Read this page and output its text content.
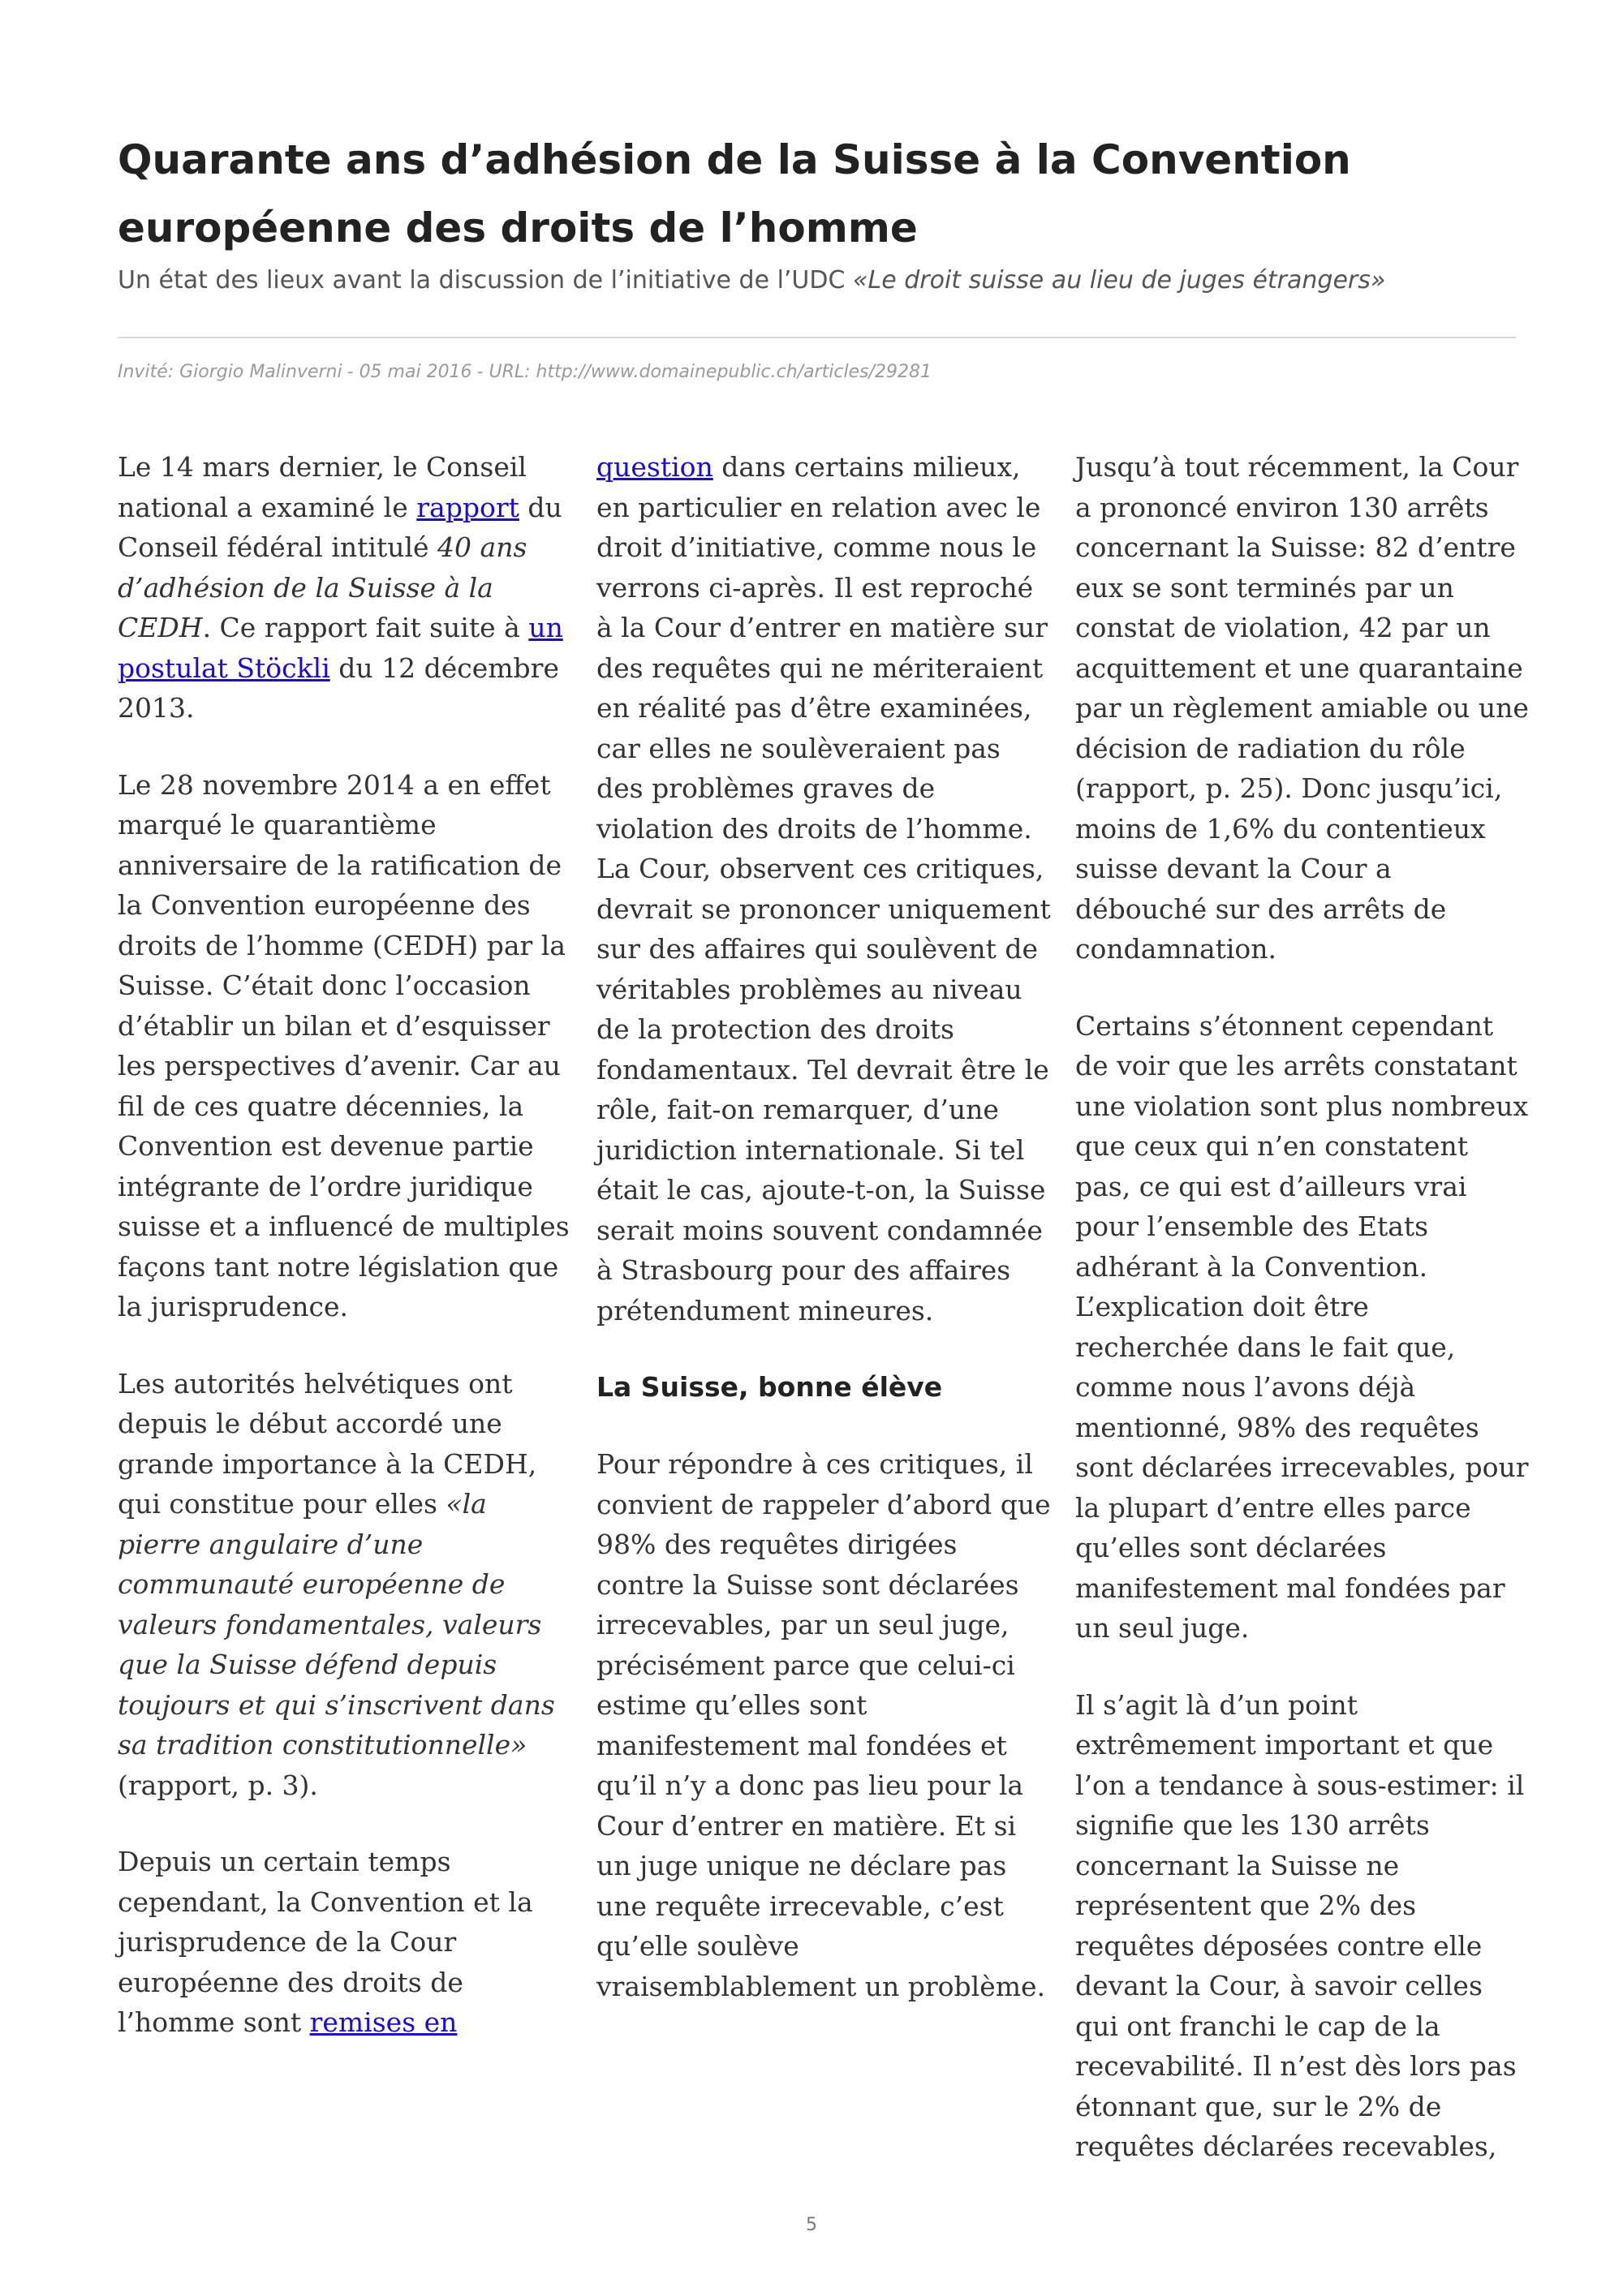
Quarante ans d’adhésion de la Suisse à la Convention européenne des droits de l’homme

Un état des lieux avant la discussion de l’initiative de l’UDC «Le droit suisse au lieu de juges étrangers»

Invité: Giorgio Malinverni - 05 mai 2016 - URL: http://www.domainepublic.ch/articles/29281

Le 14 mars dernier, le Conseil national a examiné le rapport du Conseil fédéral intitulé 40 ans d’adhésion de la Suisse à la CEDH. Ce rapport fait suite à un postulat Stöckli du 12 décembre 2013.

Le 28 novembre 2014 a en effet marqué le quarantième anniversaire de la ratification de la Convention européenne des droits de l’homme (CEDH) par la Suisse. C’était donc l’occasion d’établir un bilan et d’esquisser les perspectives d’avenir. Car au fil de ces quatre décennies, la Convention est devenue partie intégrante de l’ordre juridique suisse et a influencé de multiples façons tant notre législation que la jurisprudence.

Les autorités helvétiques ont depuis le début accordé une grande importance à la CEDH, qui constitue pour elles «la pierre angulaire d’une communauté européenne de valeurs fondamentales, valeurs que la Suisse défend depuis toujours et qui s’inscrivent dans sa tradition constitutionnelle» (rapport, p. 3).

Depuis un certain temps cependant, la Convention et la jurisprudence de la Cour européenne des droits de l’homme sont remises en

question dans certains milieux, en particulier en relation avec le droit d’initiative, comme nous le verrons ci-après. Il est reproché à la Cour d’entrer en matière sur des requêtes qui ne mériteraient en réalité pas d’être examinées, car elles ne soulèveraient pas des problèmes graves de violation des droits de l’homme. La Cour, observent ces critiques, devrait se prononcer uniquement sur des affaires qui soulèvent de véritables problèmes au niveau de la protection des droits fondamentaux. Tel devrait être le rôle, fait-on remarquer, d’une juridiction internationale. Si tel était le cas, ajoute-t-on, la Suisse serait moins souvent condamnée à Strasbourg pour des affaires prétendument mineures.

La Suisse, bonne élève

Pour répondre à ces critiques, il convient de rappeler d’abord que 98% des requêtes dirigées contre la Suisse sont déclarées irrecevables, par un seul juge, précisément parce que celui-ci estime qu’elles sont manifestement mal fondées et qu’il n’y a donc pas lieu pour la Cour d’entrer en matière. Et si un juge unique ne déclare pas une requête irrecevable, c’est qu’elle soulève vraisemblablement un problème.

Jusqu’à tout récemment, la Cour a prononcé environ 130 arrêts concernant la Suisse: 82 d’entre eux se sont terminés par un constat de violation, 42 par un acquittement et une quarantaine par un règlement amiable ou une décision de radiation du rôle (rapport, p. 25). Donc jusqu’ici, moins de 1,6% du contentieux suisse devant la Cour a débouché sur des arrêts de condamnation.

Certains s’étonnent cependant de voir que les arrêts constatant une violation sont plus nombreux que ceux qui n’en constatent pas, ce qui est d’ailleurs vrai pour l’ensemble des Etats adhérant à la Convention. L’explication doit être recherchée dans le fait que, comme nous l’avons déjà mentionné, 98% des requêtes sont déclarées irrecevables, pour la plupart d’entre elles parce qu’elles sont déclarées manifestement mal fondées par un seul juge.

Il s’agit là d’un point extrêmement important et que l’on a tendance à sous-estimer: il signifie que les 130 arrêts concernant la Suisse ne représentent que 2% des requêtes déposées contre elle devant la Cour, à savoir celles qui ont franchi le cap de la recevabilité. Il n’est dès lors pas étonnant que, sur le 2% de requêtes déclarées recevables,

5
